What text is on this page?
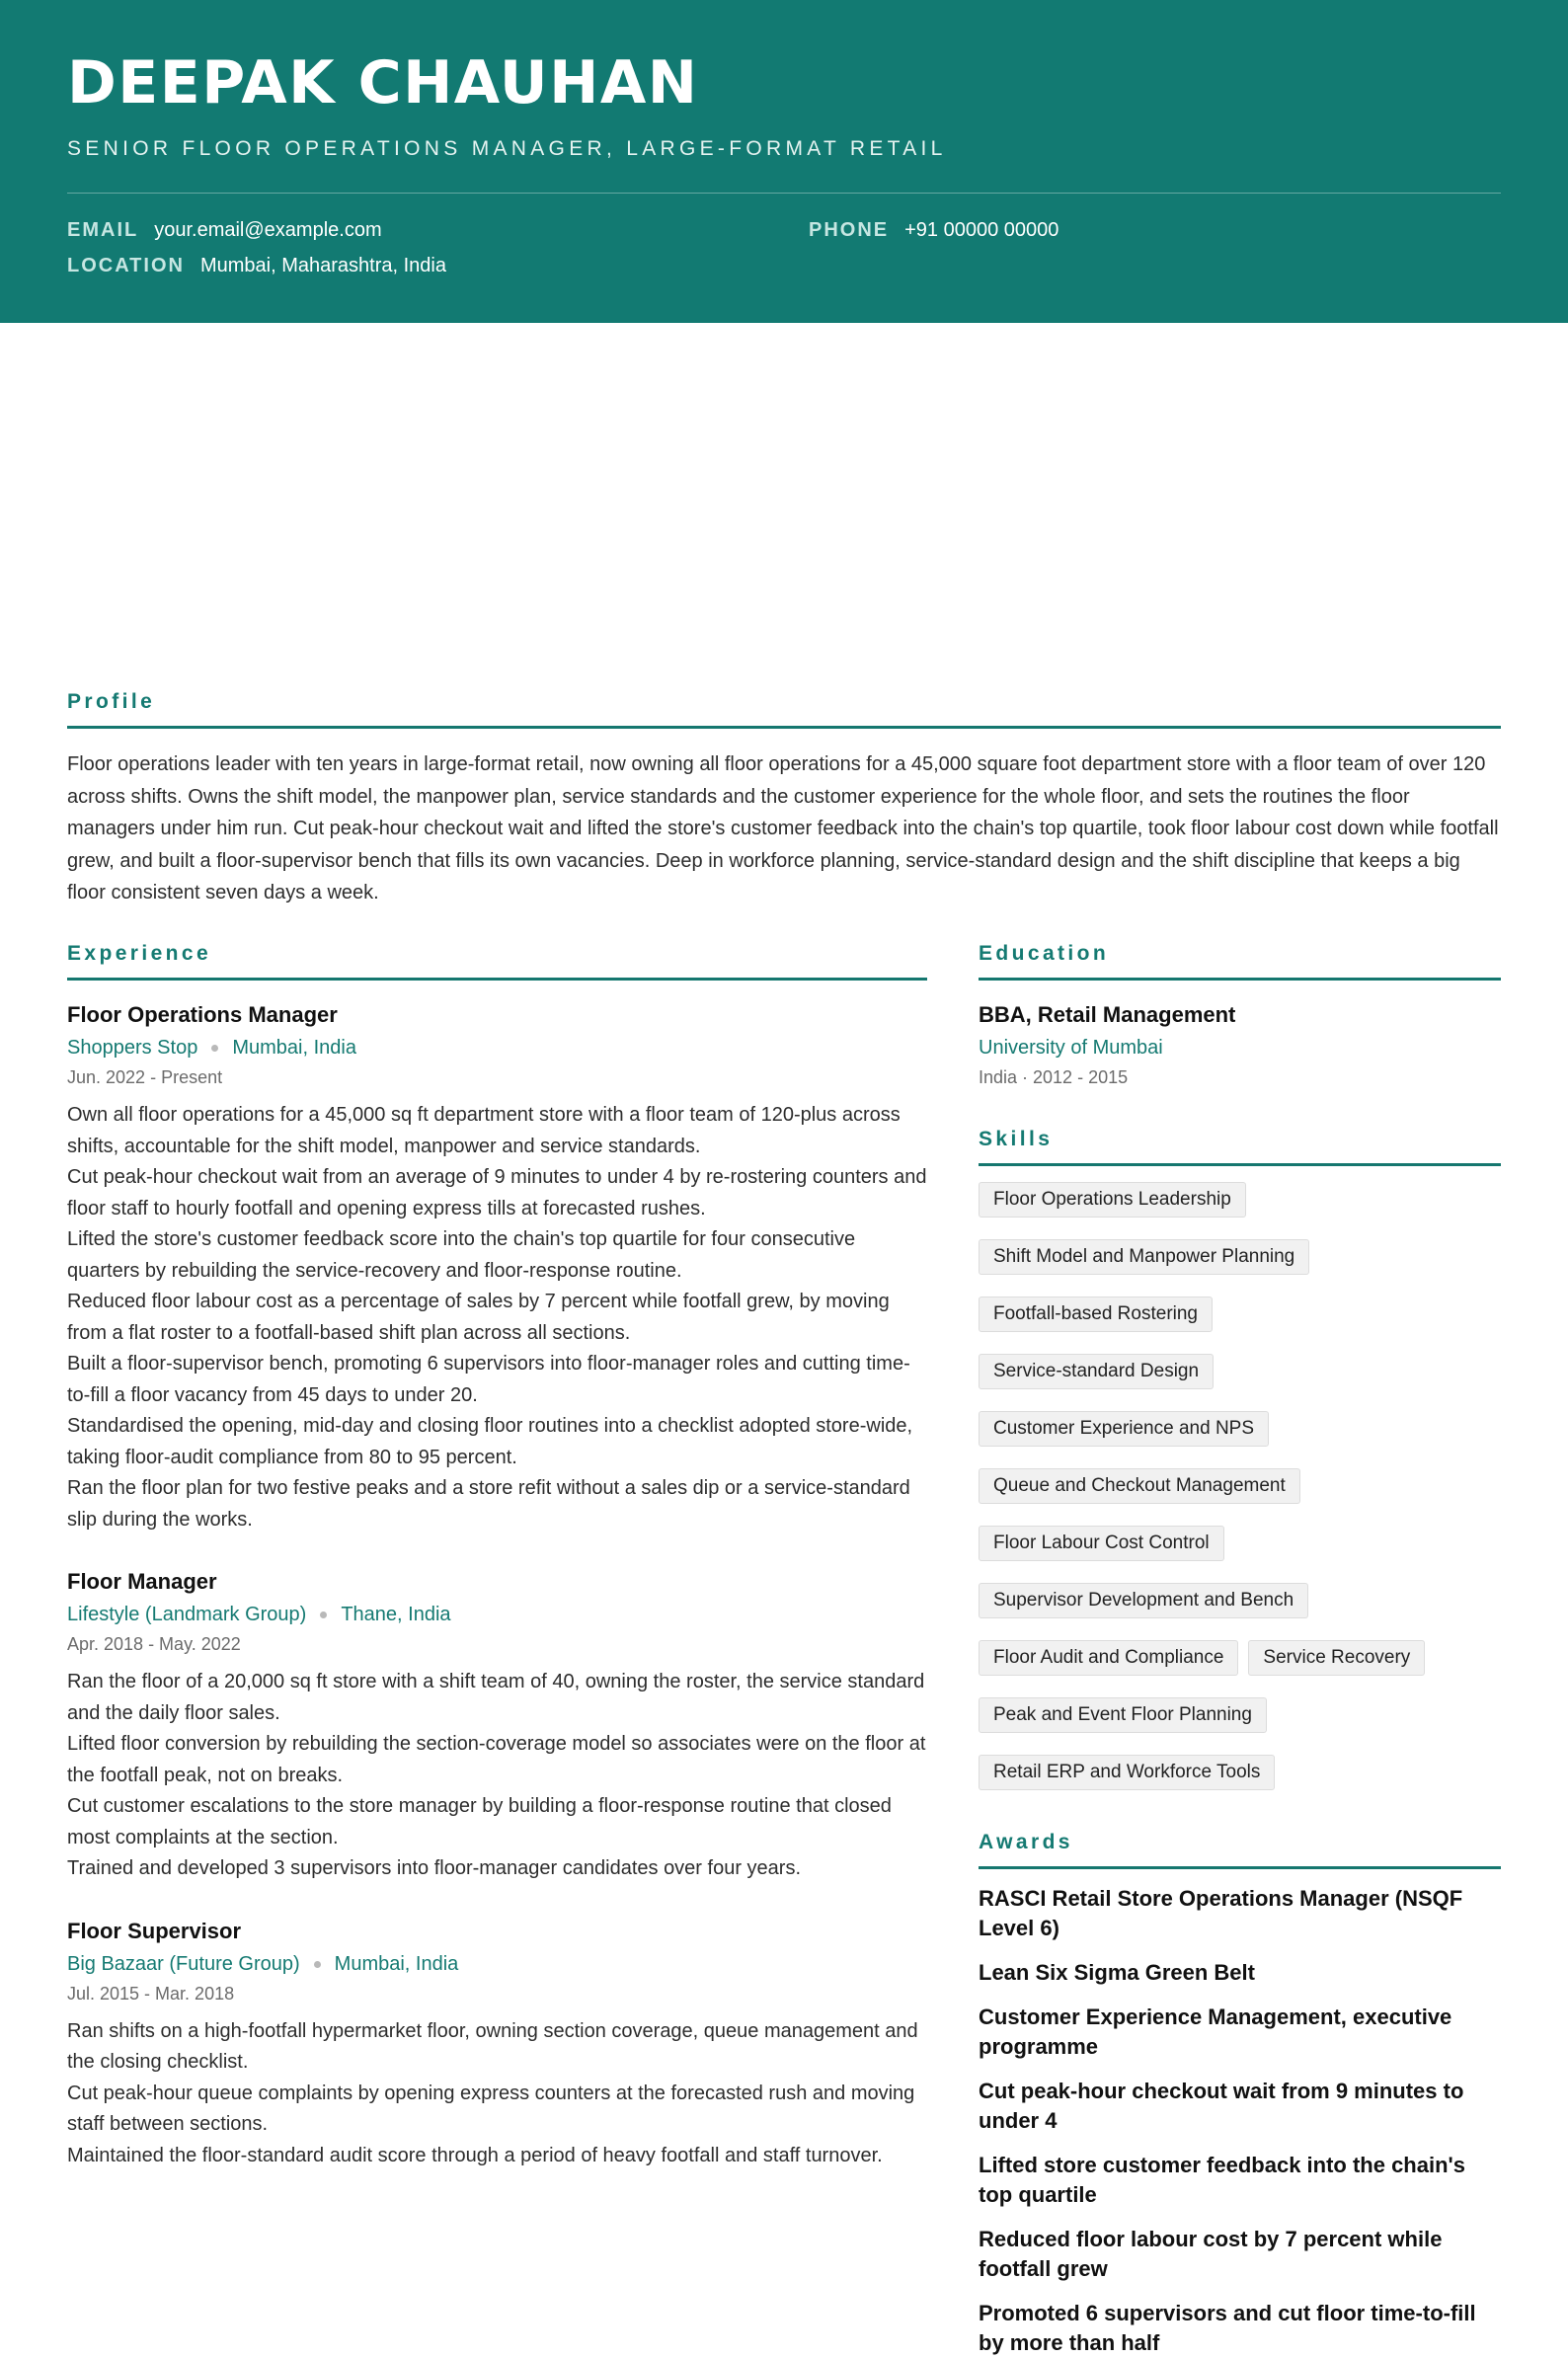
DEEPAK CHAUHAN
SENIOR FLOOR OPERATIONS MANAGER, LARGE-FORMAT RETAIL
EMAIL your.email@example.com	PHONE +91 00000 00000
LOCATION Mumbai, Maharashtra, India
Profile

Floor operations leader with ten years in large-format retail, now owning all floor operations for a 45,000 square foot department store with a floor team of over 120 across shifts. Owns the shift model, the manpower plan, service standards and the customer experience for the whole floor, and sets the routines the floor managers under him run. Cut peak-hour checkout wait and lifted the store's customer feedback into the chain's top quartile, took floor labour cost down while footfall grew, and built a floor-supervisor bench that fills its own vacancies. Deep in workforce planning, service-standard design and the shift discipline that keeps a big floor consistent seven days a week.

Experience
Floor Operations Manager
Shoppers Stop Mumbai, India
Jun. 2022 - Present
Own all floor operations for a 45,000 sq ft department store with a floor team of 120-plus across shifts, accountable for the shift model, manpower and service standards.
Cut peak-hour checkout wait from an average of 9 minutes to under 4 by re-rostering counters and floor staff to hourly footfall and opening express tills at forecasted rushes.
Lifted the store's customer feedback score into the chain's top quartile for four consecutive quarters by rebuilding the service-recovery and floor-response routine.
Reduced floor labour cost as a percentage of sales by 7 percent while footfall grew, by moving from a flat roster to a footfall-based shift plan across all sections.
Built a floor-supervisor bench, promoting 6 supervisors into floor-manager roles and cutting time-to-fill a floor vacancy from 45 days to under 20.
Standardised the opening, mid-day and closing floor routines into a checklist adopted store-wide, taking floor-audit compliance from 80 to 95 percent.
Ran the floor plan for two festive peaks and a store refit without a sales dip or a service-standard slip during the works.
Floor Manager
Lifestyle (Landmark Group) Thane, India
Apr. 2018 - May. 2022
Ran the floor of a 20,000 sq ft store with a shift team of 40, owning the roster, the service standard and the daily floor sales.
Lifted floor conversion by rebuilding the section-coverage model so associates were on the floor at the footfall peak, not on breaks.
Cut customer escalations to the store manager by building a floor-response routine that closed most complaints at the section.
Trained and developed 3 supervisors into floor-manager candidates over four years.
Floor Supervisor
Big Bazaar (Future Group) Mumbai, India
Jul. 2015 - Mar. 2018
Ran shifts on a high-footfall hypermarket floor, owning section coverage, queue management and the closing checklist.
Cut peak-hour queue complaints by opening express counters at the forecasted rush and moving staff between sections.
Maintained the floor-standard audit score through a period of heavy footfall and staff turnover.
Education
BBA, Retail Management
University of Mumbai
India · 2012 - 2015
Skills
Floor Operations Leadership
Shift Model and Manpower Planning
Footfall-based Rostering
Service-standard Design
Customer Experience and NPS
Queue and Checkout Management
Floor Labour Cost Control
Supervisor Development and Bench
Floor Audit and Compliance	Service Recovery
Peak and Event Floor Planning
Retail ERP and Workforce Tools
Awards
RASCI Retail Store Operations Manager (NSQF Level 6)
Lean Six Sigma Green Belt
Customer Experience Management, executive programme
Cut peak-hour checkout wait from 9 minutes to under 4
Lifted store customer feedback into the chain's top quartile
Reduced floor labour cost by 7 percent while footfall grew
Promoted 6 supervisors and cut floor time-to-fill by more than half
